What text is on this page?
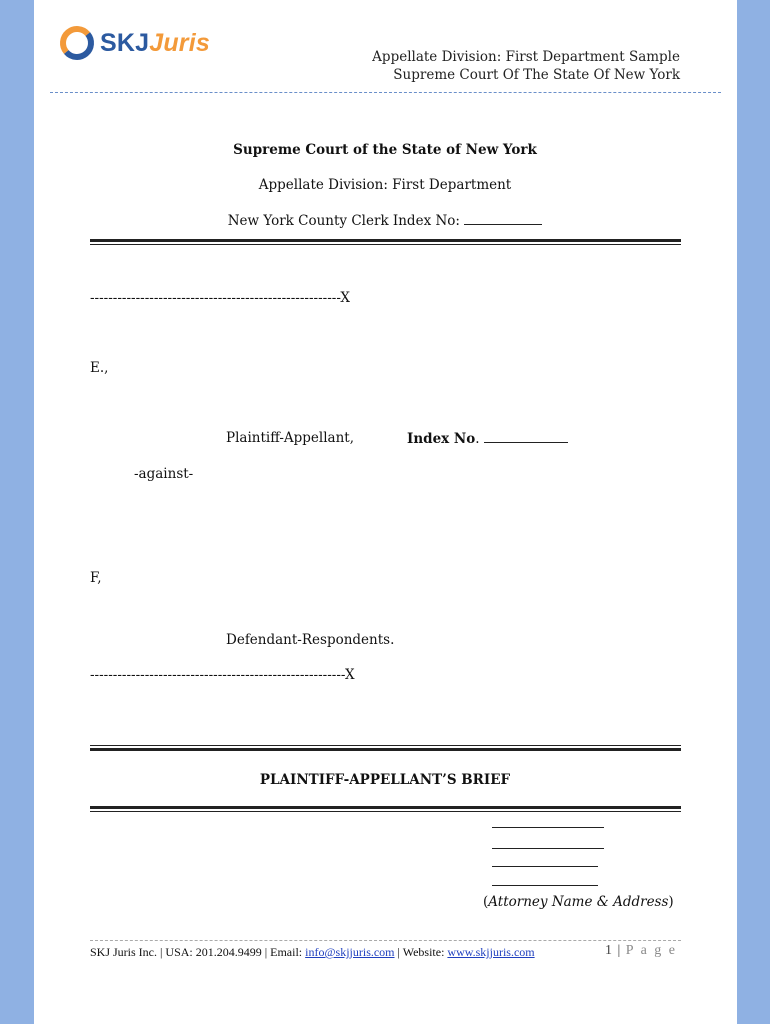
SKJJuris
Appellate Division: First Department Sample
Supreme Court Of The State Of New York
Supreme Court of the State of New York
Appellate Division: First Department
New York County Clerk Index No:
-------------------------------------------------------X
E.,
Plaintiff-Appellant,	Index No.
-against-
F,
Defendant-Respondents.
--------------------------------------------------------X
PLAINTIFF-APPELLANT’S BRIEF
(Attorney Name & Address)
SKJ Juris Inc. | USA: 201.204.9499 | Email: info@skjjuris.com | Website: www.skjjuris.com	1 | P a g e
